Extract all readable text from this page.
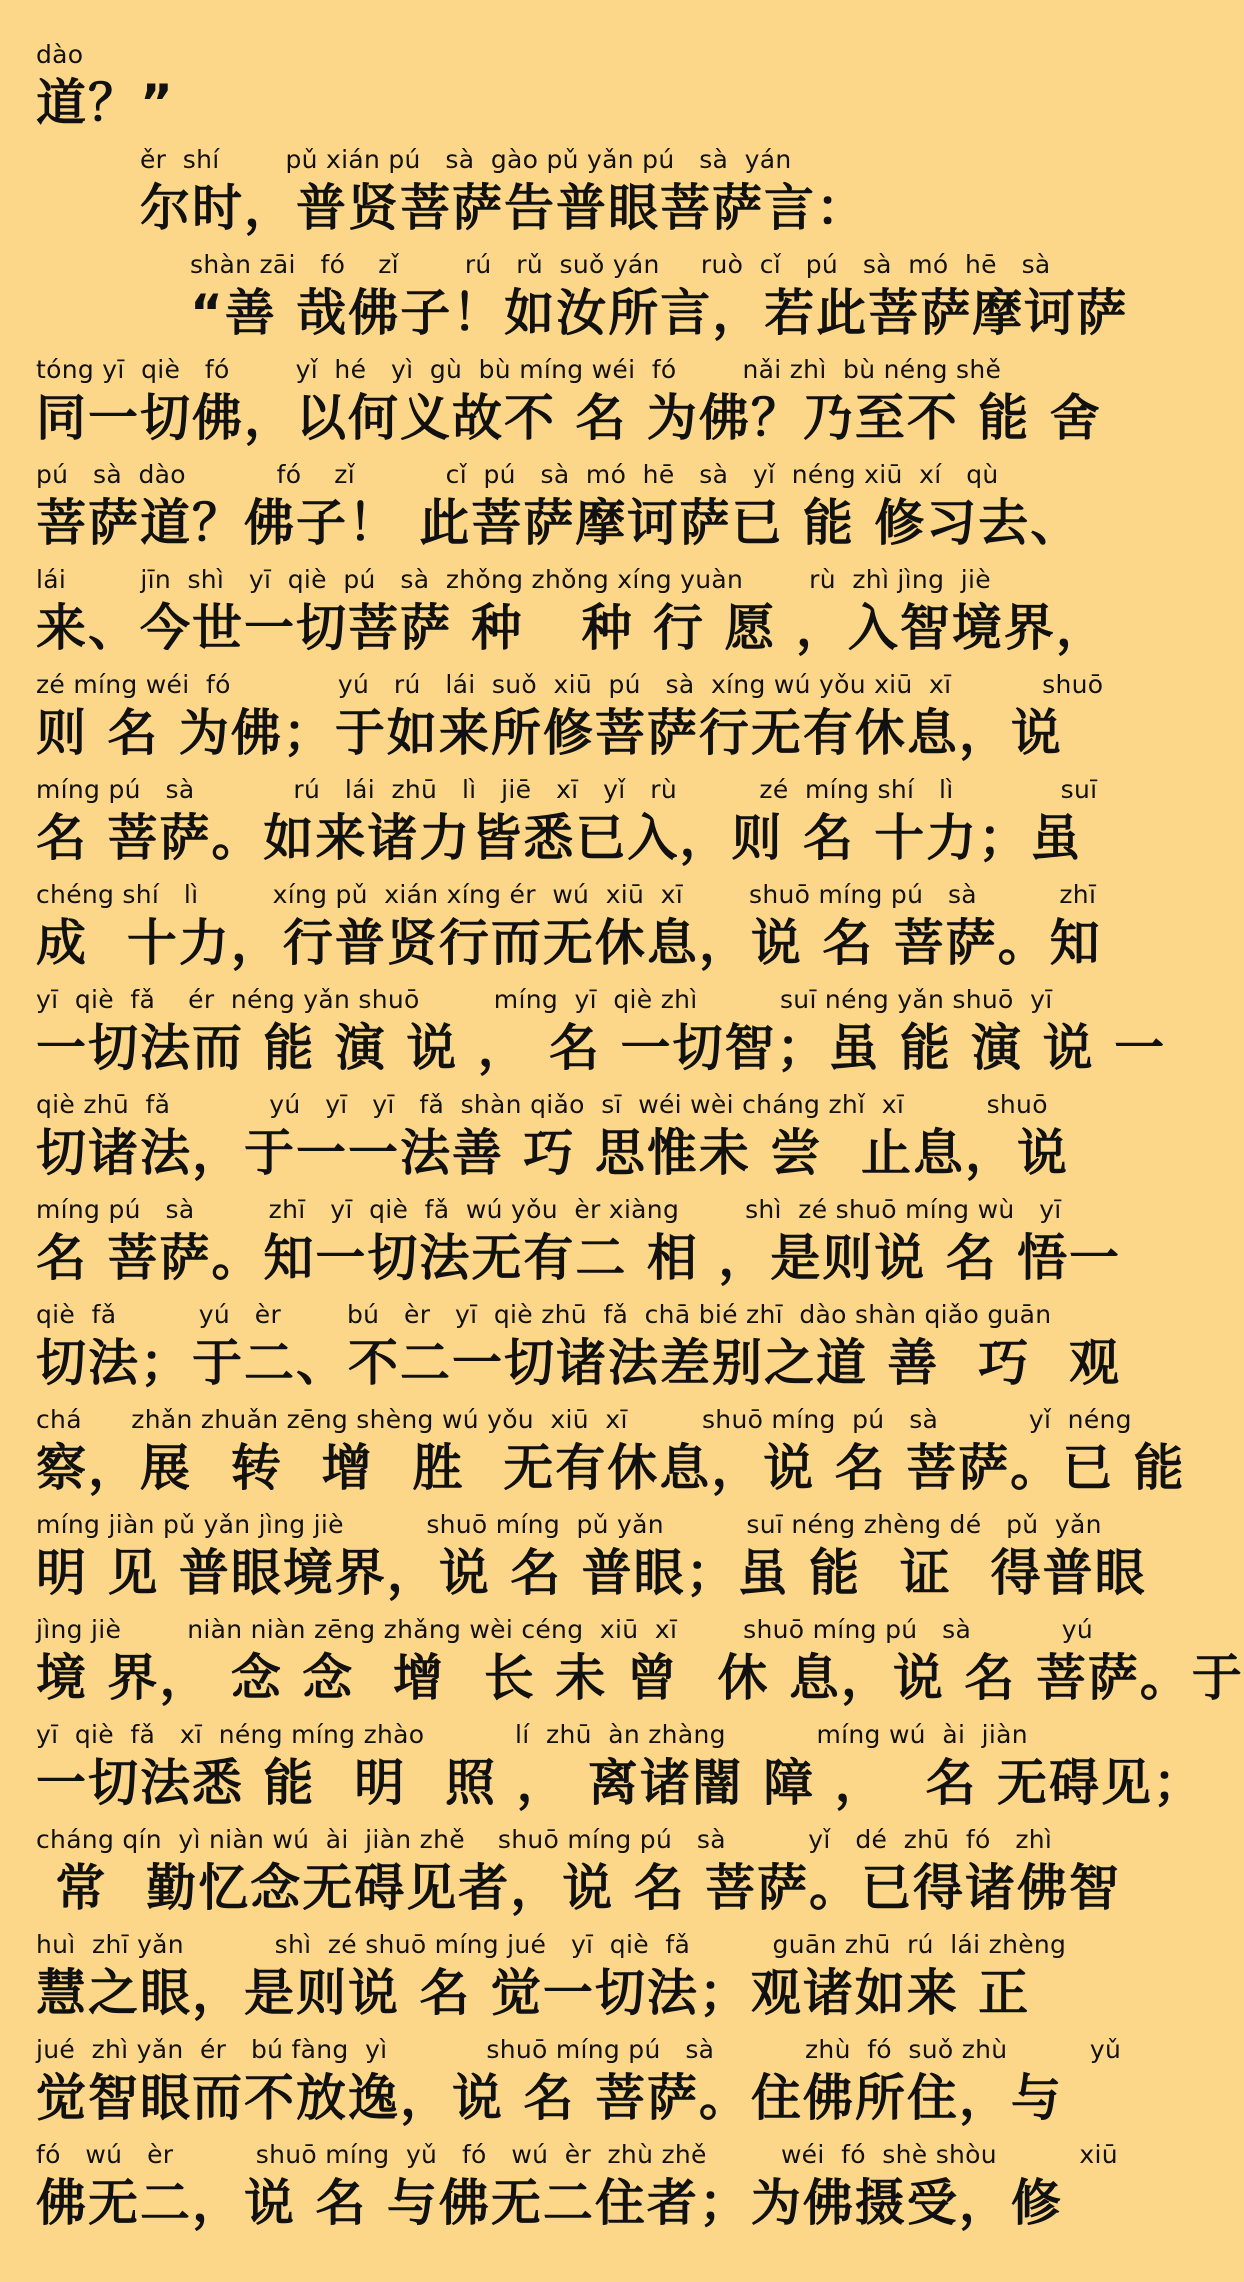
dào
道？”
ěr  shí        pǔ xián pú   sà  gào pǔ yǎn pú   sà  yán
尔时，普贤菩萨告普眼菩萨言：
shàn zāi   fó    zǐ        rú   rǔ  suǒ yán     ruò  cǐ   pú   sà  mó  hē   sà
“善 哉佛子！如汝所言，若此菩萨摩诃萨
tóng yī  qiè   fó        yǐ  hé   yì  gù  bù míng wéi  fó        nǎi zhì  bù néng shě
同一切佛，以何义故不 名 为佛？乃至不 能 舍
pú   sà  dào           fó    zǐ           cǐ  pú   sà  mó  hē   sà   yǐ  néng xiū  xí   qù
菩萨道？佛子！ 此菩萨摩诃萨已 能 修习去、
lái         jīn  shì   yī  qiè  pú   sà  zhǒng zhǒng xíng yuàn        rù  zhì jìng  jiè
来、今世一切菩萨 种   种 行 愿 ，入智境界，
zé míng wéi  fó             yú   rú   lái  suǒ  xiū  pú   sà  xíng wú yǒu xiū  xī           shuō
则 名 为佛；于如来所修菩萨行无有休息，说
míng pú   sà            rú   lái  zhū   lì   jiē   xī   yǐ   rù          zé  míng shí   lì             suī
名 菩萨。如来诸力皆悉已入，则 名 十力；虽
chéng shí   lì         xíng pǔ  xián xíng ér  wú  xiū  xī        shuō míng pú   sà          zhī
成  十力，行普贤行而无休息，说 名 菩萨。知
yī  qiè  fǎ    ér  néng yǎn shuō         míng  yī  qiè zhì          suī néng yǎn shuō  yī
一切法而 能 演 说 ， 名 一切智；虽 能 演 说 一
qiè zhū  fǎ            yú   yī   yī   fǎ  shàn qiǎo  sī  wéi wèi cháng zhǐ  xī          shuō
切诸法，于一一法善 巧 思惟未 尝  止息，说
míng pú   sà         zhī   yī  qiè  fǎ  wú yǒu  èr xiàng        shì  zé shuō míng wù   yī
名 菩萨。知一切法无有二 相 ，是则说 名 悟一
qiè  fǎ          yú   èr        bú   èr   yī  qiè zhū  fǎ  chā bié zhī  dào shàn qiǎo guān
切法；于二、不二一切诸法差别之道 善  巧  观
chá      zhǎn zhuǎn zēng shèng wú yǒu  xiū  xī         shuō míng  pú   sà           yǐ  néng
察，展  转  增  胜  无有休息，说 名 菩萨。已 能
míng jiàn pǔ yǎn jìng jiè          shuō míng  pǔ yǎn          suī néng zhèng dé   pǔ  yǎn
明 见 普眼境界，说 名 普眼；虽 能  证  得普眼
jìng jiè        niàn niàn zēng zhǎng wèi céng  xiū  xī        shuō míng pú   sà           yú
境 界， 念 念  增  长 未 曾  休 息，说 名 菩萨。于
yī  qiè  fǎ   xī  néng míng zhào           lí  zhū  àn zhàng           míng wú  ài  jiàn
一切法悉 能  明  照 ， 离诸闇 障 ，  名 无碍见；
cháng qín  yì niàn wú  ài  jiàn zhě    shuō míng pú   sà          yǐ   dé  zhū  fó   zhì
常  勤忆念无碍见者，说 名 菩萨。已得诸佛智
huì  zhī yǎn           shì  zé shuō míng jué   yī  qiè  fǎ          guān zhū  rú  lái zhèng
慧之眼，是则说 名 觉一切法；观诸如来 正
jué  zhì yǎn  ér   bú fàng  yì            shuō míng pú   sà           zhù  fó  suǒ zhù          yǔ
觉智眼而不放逸，说 名 菩萨。住佛所住，与
fó   wú   èr          shuō míng  yǔ   fó   wú  èr  zhù zhě         wéi  fó  shè shòu          xiū
佛无二，说 名 与佛无二住者；为佛摄受，修
